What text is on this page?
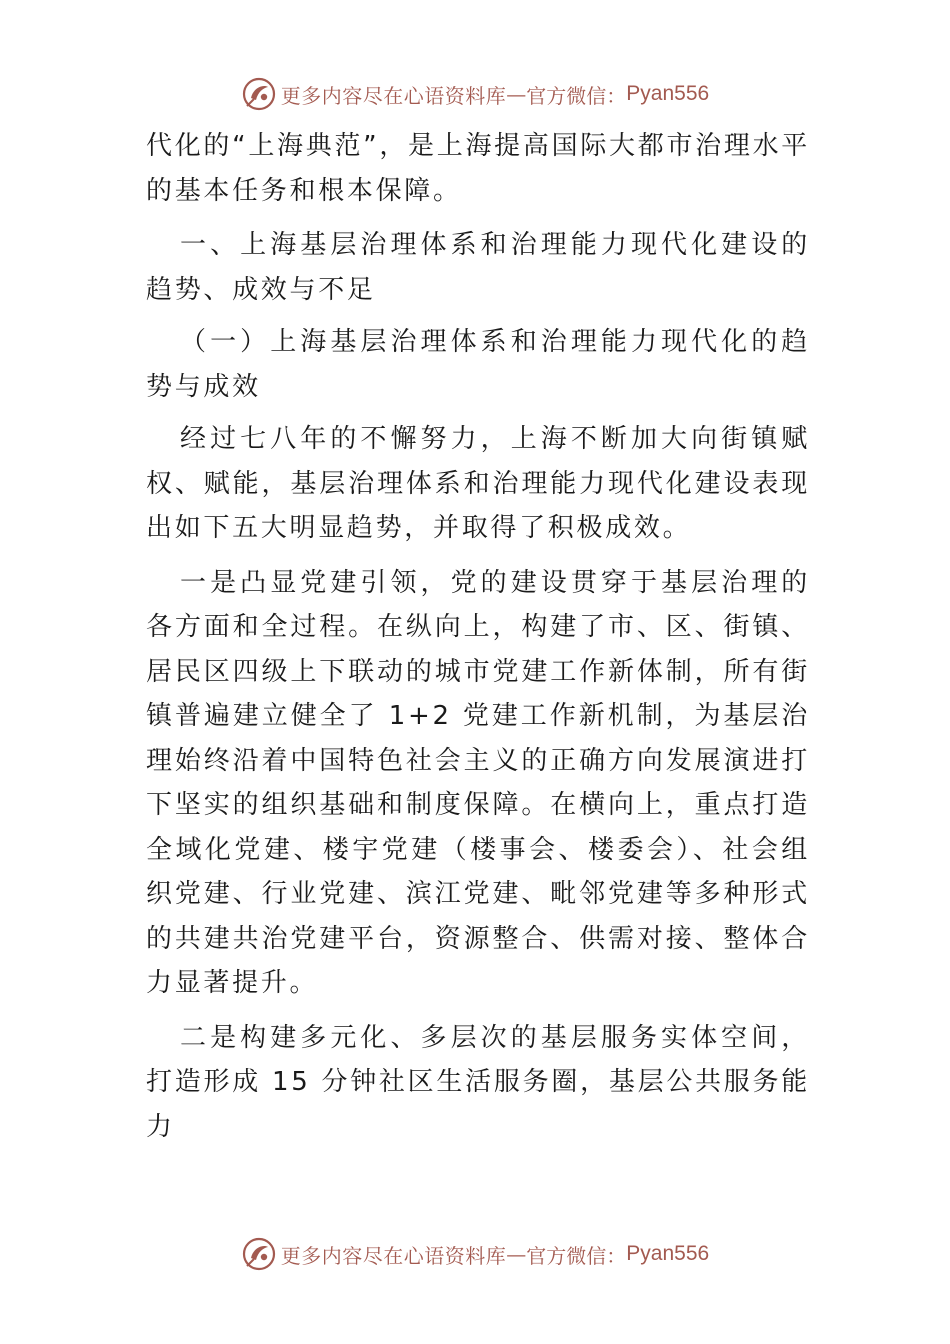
更多内容尽在心语资料库 — 官方微信： Pyan556

代化的“上海典范”，是上海提高国际大都市治理水平的基本任务和根本保障。

一、上海基层治理体系和治理能力现代化建设的趋势、成效与不足

（一）上海基层治理体系和治理能力现代化的趋势与成效

经过七八年的不懈努力，上海不断加大向街镇赋权、赋能，基层治理体系和治理能力现代化建设表现出如下五大明显趋势，并取得了积极成效。

一是凸显党建引领，党的建设贯穿于基层治理的各方面和全过程。在纵向上，构建了市、区、街镇、居民区四级上下联动的城市党建工作新体制，所有街镇普遍建立健全了 1+2 党建工作新机制，为基层治理始终沿着中国特色社会主义的正确方向发展演进打下坚实的组织基础和制度保障。在横向上，重点打造全域化党建、楼宇党建（楼事会、楼委会）、社会组织党建、行业党建、滨江党建、毗邻党建等多种形式的共建共治党建平台，资源整合、供需对接、整体合力显著提升。

二是构建多元化、多层次的基层服务实体空间，打造形成 15 分钟社区生活服务圈，基层公共服务能力

更多内容尽在心语资料库 — 官方微信： Pyan556
